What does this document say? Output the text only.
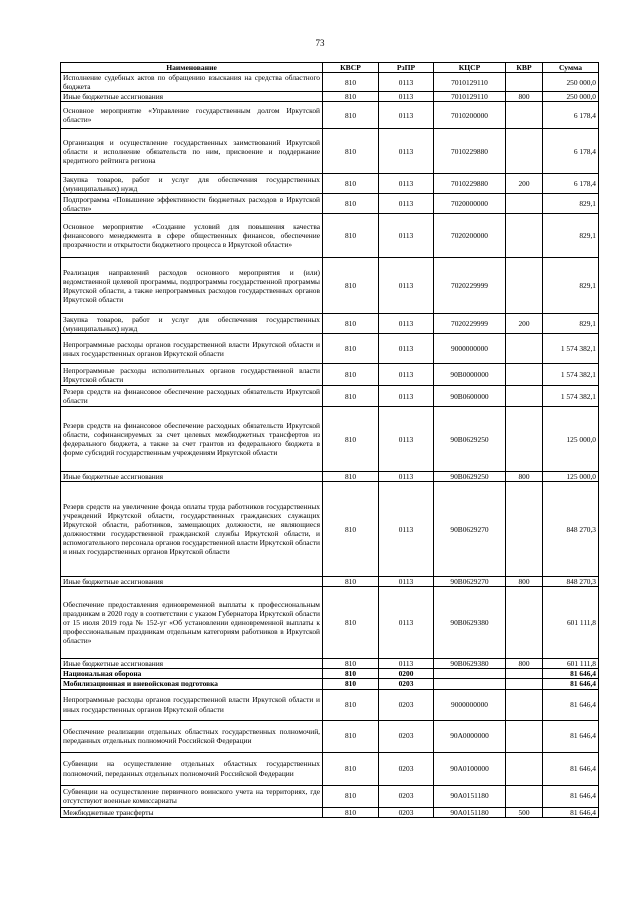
73
Наименование	КВСР	РзПР	КЦСР	КВР	Сумма
Исполнение судебных актов по обращению взыскания на средства областного бюджета	810	0113	7010129110		250 000,0
Иные бюджетные ассигнования	810	0113	7010129110	800	250 000,0
Основное мероприятие «Управление государственным долгом Иркутской области»	810	0113	7010200000		6 178,4
Организация и осуществление государственных заимствований Иркутской области и исполнение обязательств по ним, присвоение и поддержание кредитного рейтинга региона	810	0113	7010229880		6 178,4
Закупка товаров, работ и услуг для обеспечения государственных (муниципальных) нужд	810	0113	7010229880	200	6 178,4
Подпрограмма «Повышение эффективности бюджетных расходов в Иркутской области»	810	0113	7020000000		829,1
Основное мероприятие «Создание условий для повышения качества финансового менеджмента в сфере общественных финансов, обеспечение прозрачности и открытости бюджетного процесса в Иркутской области»	810	0113	7020200000		829,1
Реализация направлений расходов основного мероприятия и (или) ведомственной целевой программы, подпрограммы государственной программы Иркутской области, а также непрограммных расходов государственных органов Иркутской области	810	0113	7020229999		829,1
Закупка товаров, работ и услуг для обеспечения государственных (муниципальных) нужд	810	0113	7020229999	200	829,1
Непрограммные расходы органов государственной власти Иркутской области и иных государственных органов Иркутской области	810	0113	9000000000		1 574 382,1
Непрограммные расходы исполнительных органов государственной власти Иркутской области	810	0113	90В0000000		1 574 382,1
Резерв средств на финансовое обеспечение расходных обязательств Иркутской области	810	0113	90В0600000		1 574 382,1
Резерв средств на финансовое обеспечение расходных обязательств Иркутской области, софинансируемых за счет целевых межбюджетных трансфертов из федерального бюджета, а также за счет грантов из федерального бюджета в форме субсидий государственным учреждениям Иркутской области	810	0113	90В0629250		125 000,0
Иные бюджетные ассигнования	810	0113	90В0629250	800	125 000,0
Резерв средств на увеличение фонда оплаты труда работников государственных учреждений Иркутской области, государственных гражданских служащих Иркутской области, работников, замещающих должности, не являющиеся должностями государственной гражданской службы Иркутской области, и вспомогательного персонала органов государственной власти Иркутской области и иных государственных органов Иркутской области	810	0113	90В0629270		848 270,3
Иные бюджетные ассигнования	810	0113	90В0629270	800	848 270,3
Обеспечение предоставления единовременной выплаты к профессиональным праздникам в 2020 году в соответствии с указом Губернатора Иркутской области от 15 июля 2019 года № 152-уг «Об установлении единовременной выплаты к профессиональным праздникам отдельным категориям работников в Иркутской области»	810	0113	90В0629380		601 111,8
Иные бюджетные ассигнования	810	0113	90В0629380	800	601 111,8
Национальная оборона	810	0200			81 646,4
Мобилизационная и вневойсковая подготовка	810	0203			81 646,4
Непрограммные расходы органов государственной власти Иркутской области и иных государственных органов Иркутской области	810	0203	9000000000		81 646,4
Обеспечение реализации отдельных областных государственных полномочий, переданных отдельных полномочий Российской Федерации	810	0203	90А0000000		81 646,4
Субвенции на осуществление отдельных областных государственных полномочий, переданных отдельных полномочий Российской Федерации	810	0203	90А0100000		81 646,4
Субвенции на осуществление первичного воинского учета на территориях, где отсутствуют военные комиссариаты	810	0203	90А0151180		81 646,4
Межбюджетные трансферты	810	0203	90А0151180	500	81 646,4
